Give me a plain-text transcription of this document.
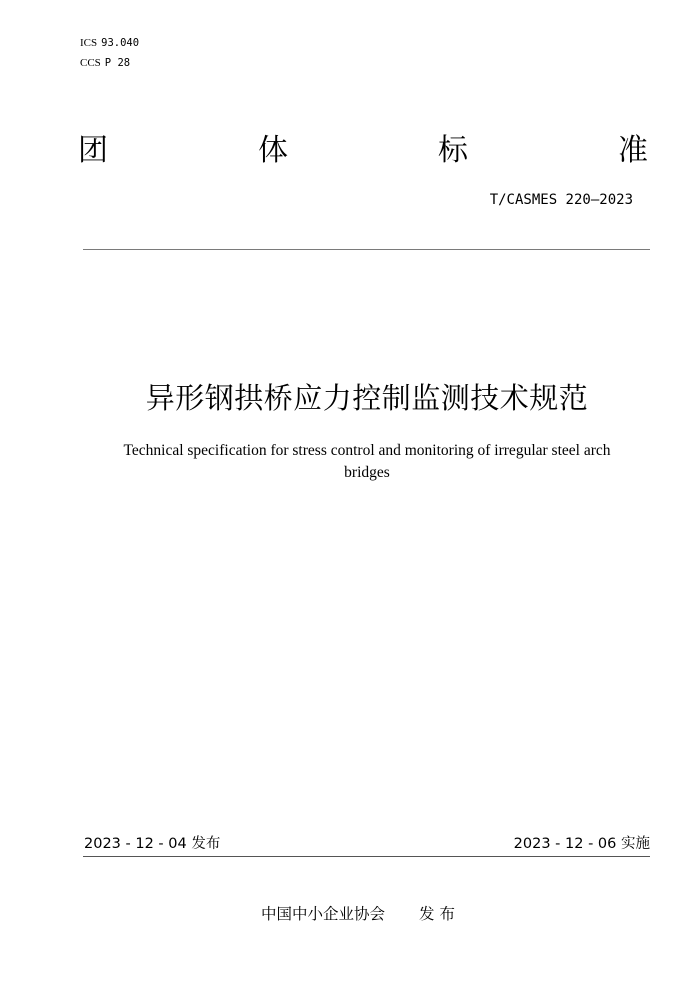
ICS 93.040
CCS P 28
团	体	标	准
T/CASMES 220—2023
异形钢拱桥应力控制监测技术规范
Technical specification for stress control and monitoring of irregular steel arch bridges
2023 - 12 - 04 发布	2023 - 12 - 06 实施
中国中小企业协会 发 布
